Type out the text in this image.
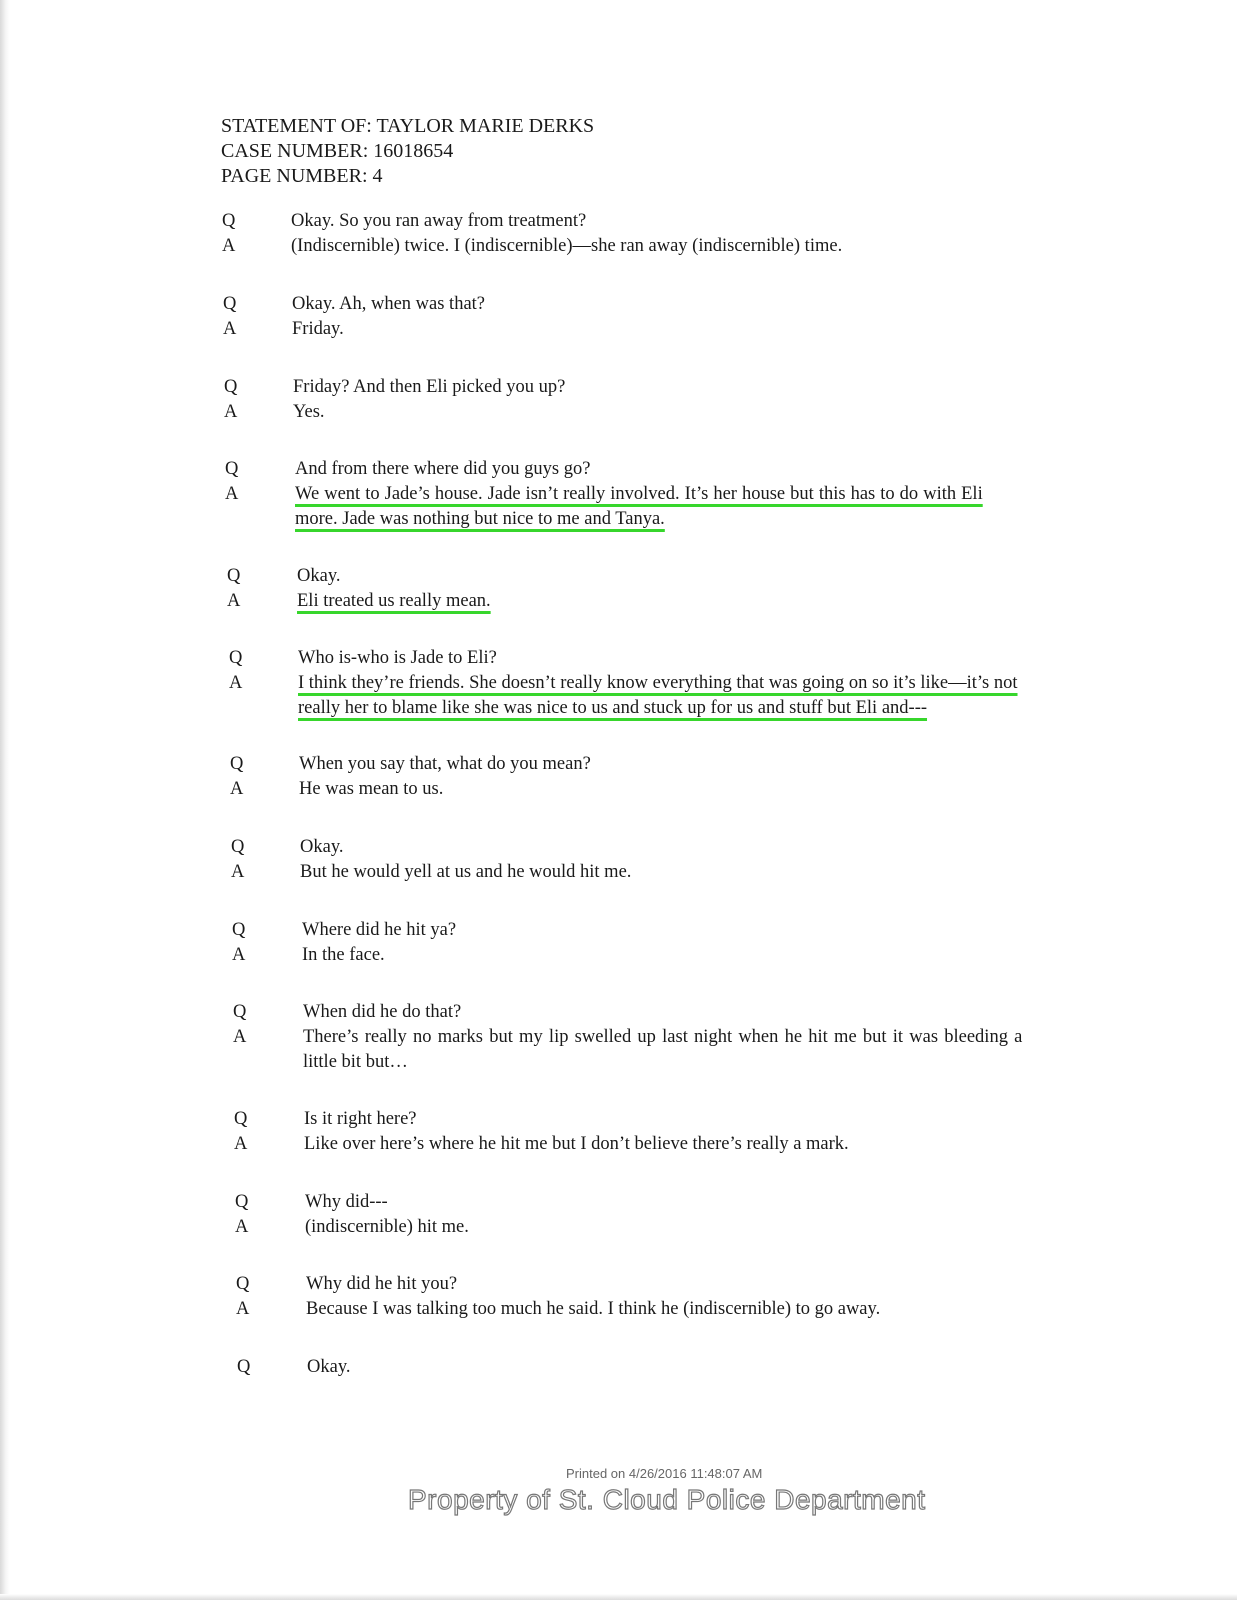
STATEMENT OF: TAYLOR MARIE DERKS
CASE NUMBER: 16018654
PAGE NUMBER: 4
Q	Okay. So you ran away from treatment?
A	(Indiscernible) twice. I (indiscernible)—she ran away (indiscernible) time.
Q	Okay. Ah, when was that?
A	Friday.
Q	Friday? And then Eli picked you up?
A	Yes.
Q	And from there where did you guys go?
A	We went to Jade’s house. Jade isn’t really involved. It’s her house but this has to do with Eli
more. Jade was nothing but nice to me and Tanya.
Q	Okay.
A	Eli treated us really mean.
Q	Who is-who is Jade to Eli?
A	I think they’re friends. She doesn’t really know everything that was going on so it’s like—it’s not
really her to blame like she was nice to us and stuck up for us and stuff but Eli and---
Q	When you say that, what do you mean?
A	He was mean to us.
Q	Okay.
A	But he would yell at us and he would hit me.
Q	Where did he hit ya?
A	In the face.
Q	When did he do that?
A	There’s really no marks but my lip swelled up last night when he hit me but it was bleeding a
little bit but…
Q	Is it right here?
A	Like over here’s where he hit me but I don’t believe there’s really a mark.
Q	Why did---
A	(indiscernible) hit me.
Q	Why did he hit you?
A	Because I was talking too much he said. I think he (indiscernible) to go away.
Q	Okay.
Printed on 4/26/2016 11:48:07 AM
Property of St. Cloud Police Department
